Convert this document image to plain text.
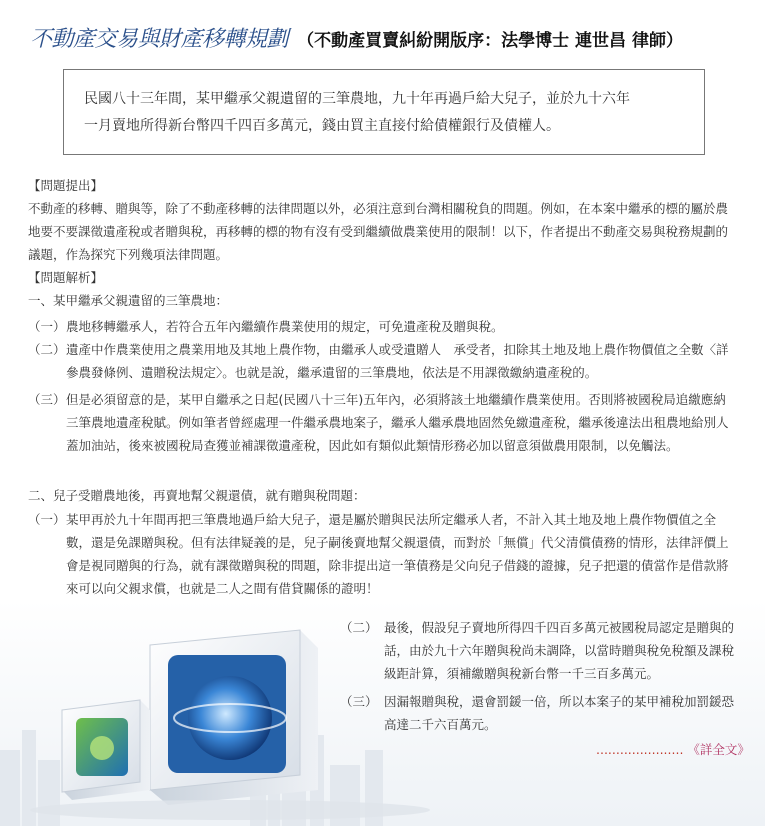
不動產交易與財產移轉規劃 （不動產買賣糾紛開版序：法學博士 連世昌 律師）
民國八十三年間，某甲繼承父親遺留的三筆農地，九十年再過戶給大兒子，並於九十六年
一月賣地所得新台幣四千四百多萬元，錢由買主直接付給債權銀行及債權人。
【問題提出】
不動產的移轉、贈與等，除了不動產移轉的法律問題以外，必須注意到台灣相關稅負的問題。例如，在本案中繼承的標的屬於農地要不要課徵遺產稅或者贈與稅，再移轉的標的物有沒有受到繼續做農業使用的限制！以下，作者提出不動產交易與稅務規劃的議題，作為探究下列幾項法律問題。
【問題解析】
一、某甲繼承父親遺留的三筆農地：
（一） 農地移轉繼承人，若符合五年內繼續作農業使用的規定，可免遺產稅及贈與稅。
（二） 遺產中作農業使用之農業用地及其地上農作物，由繼承人或受遺贈人　承受者，扣除其土地及地上農作物價值之全數〈詳參農發條例、遺贈稅法規定〉。也就是說，繼承遺留的三筆農地，依法是不用課徵繳納遺產稅的。
（三） 但是必須留意的是，某甲自繼承之日起(民國八十三年)五年內，必須將該土地繼續作農業使用。否則將被國稅局追繳應納三筆農地遺產稅賦。例如筆者曾經處理一件繼承農地案子，繼承人繼承農地固然免繳遺產稅，繼承後違法出租農地給別人蓋加油站，後來被國稅局查獲並補課徵遺產稅，因此如有類似此類情形務必加以留意須做農用限制，以免觸法。
二、兒子受贈農地後，再賣地幫父親還債，就有贈與稅問題：
（一） 某甲再於九十年間再把三筆農地過戶給大兒子，還是屬於贈與民法所定繼承人者，不計入其土地及地上農作物價值之全數，還是免課贈與稅。但有法律疑義的是，兒子嗣後賣地幫父親還債，而對於「無償」代父清償債務的情形，法律評價上會是視同贈與的行為，就有課徵贈與稅的問題，除非提出這一筆債務是父向兒子借錢的證據，兒子把還的債當作是借款將來可以向父親求償，也就是二人之間有借貸關係的證明！
（二） 最後，假設兒子賣地所得四千四百多萬元被國稅局認定是贈與的話，由於九十六年贈與稅尚未調降，以當時贈與稅免稅額及課稅級距計算，須補繳贈與稅新台幣一千三百多萬元。
（三） 因漏報贈與稅，還會罰鍰一倍，所以本案子的某甲補稅加罰鍰恐高達二千六百萬元。
...................... 《詳全文》
